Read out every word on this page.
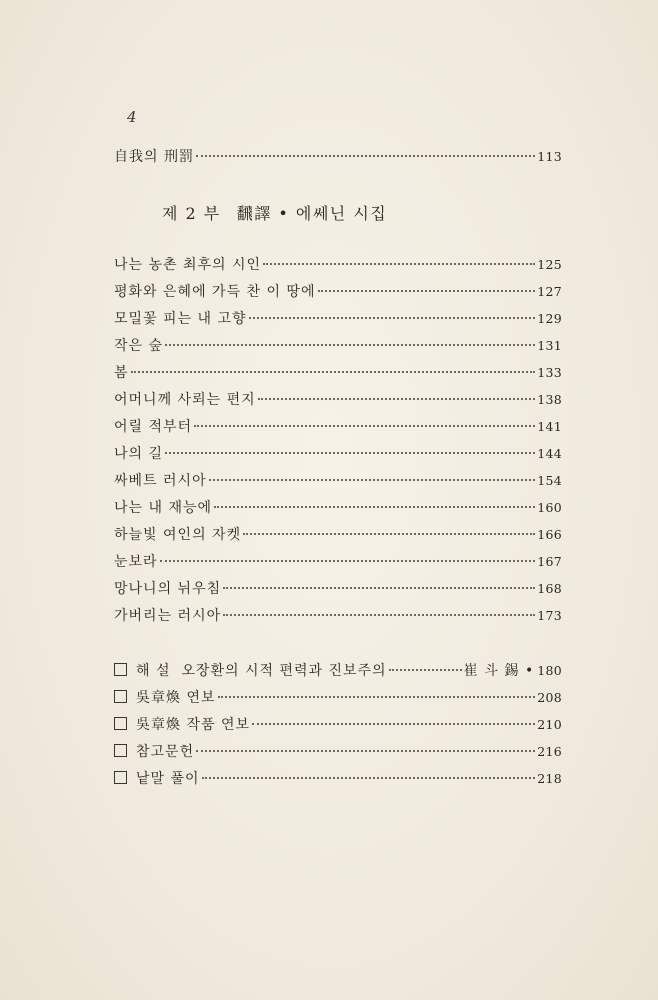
4
自我의 刑罰	113
제 2 부 飜譯 • 에쎄닌 시집
나는 농촌 최후의 시인	125
평화와 은혜에 가득 찬 이 땅에	127
모밀꽃 피는 내 고향	129
작은 숲	131
봄	133
어머니께 사뢰는 편지	138
어릴 적부터	141
나의 길	144
싸베트 러시아	154
나는 내 재능에	160
하늘빛 여인의 자켓	166
눈보라	167
망나니의 뉘우침	168
가버리는 러시아	173
해 설  오장환의 시적 편력과 진보주의	崔 斗 錫 • 180
吳章煥 연보	208
吳章煥 작품 연보	210
참고문헌	216
낱말 풀이	218
